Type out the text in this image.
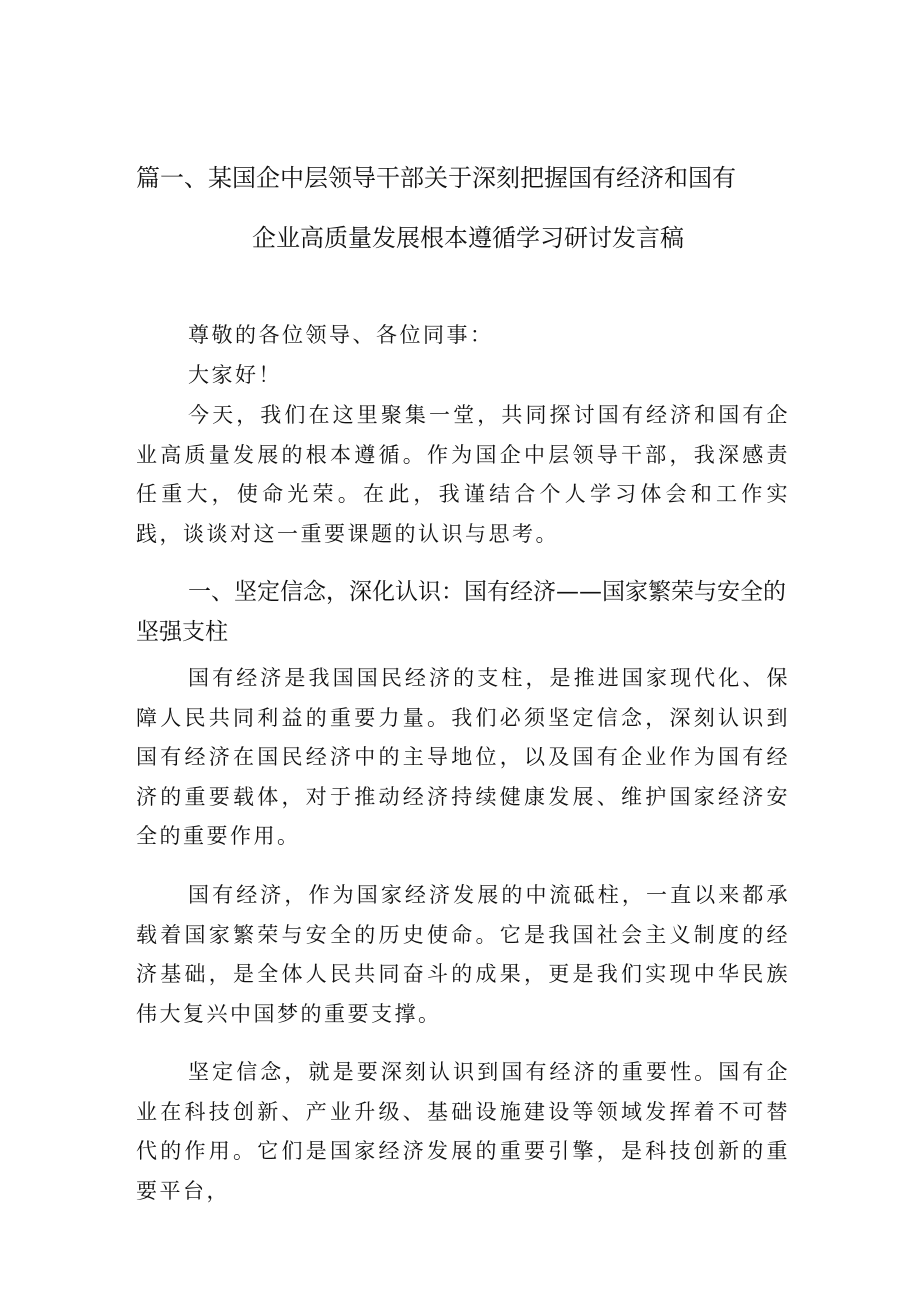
篇一、某国企中层领导干部关于深刻把握国有经济和国有
企业高质量发展根本遵循学习研讨发言稿
尊敬的各位领导、各位同事：
大家好！
今天，我们在这里聚集一堂，共同探讨国有经济和国有企业高质量发展的根本遵循。作为国企中层领导干部，我深感责任重大，使命光荣。在此，我谨结合个人学习体会和工作实践，谈谈对这一重要课题的认识与思考。
一、坚定信念，深化认识：国有经济——国家繁荣与安全的坚强支柱
国有经济是我国国民经济的支柱，是推进国家现代化、保障人民共同利益的重要力量。我们必须坚定信念，深刻认识到国有经济在国民经济中的主导地位，以及国有企业作为国有经济的重要载体，对于推动经济持续健康发展、维护国家经济安全的重要作用。
国有经济，作为国家经济发展的中流砥柱，一直以来都承载着国家繁荣与安全的历史使命。它是我国社会主义制度的经济基础，是全体人民共同奋斗的成果，更是我们实现中华民族伟大复兴中国梦的重要支撑。
坚定信念，就是要深刻认识到国有经济的重要性。国有企业在科技创新、产业升级、基础设施建设等领域发挥着不可替代的作用。它们是国家经济发展的重要引擎，是科技创新的重要平台，
